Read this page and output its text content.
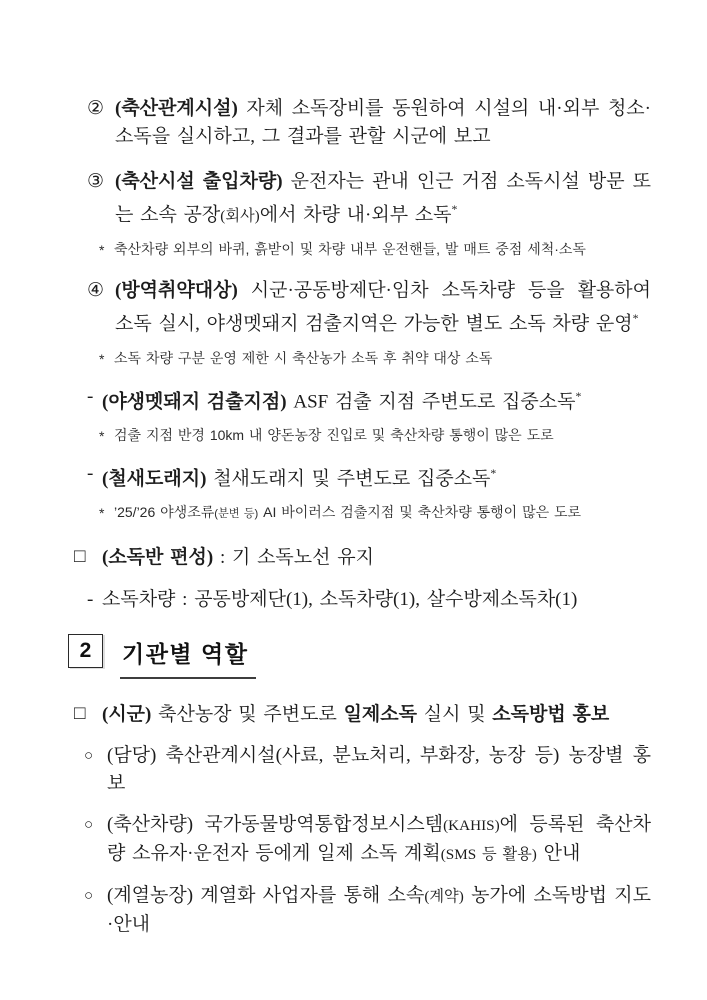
② (축산관계시설) 자체 소독장비를 동원하여 시설의 내·외부 청소·소독을 실시하고, 그 결과를 관할 시군에 보고
③ (축산시설 출입차량) 운전자는 관내 인근 거점 소독시설 방문 또는 소속 공장(회사)에서 차량 내·외부 소독*
* 축산차량 외부의 바퀴, 흙받이 및 차량 내부 운전핸들, 발 매트 중점 세척·소독
④ (방역취약대상) 시군·공동방제단·임차 소독차량 등을 활용하여 소독 실시, 야생멧돼지 검출지역은 가능한 별도 소독 차량 운영*
* 소독 차량 구분 운영 제한 시 축산농가 소독 후 취약 대상 소독
- (야생멧돼지 검출지점) ASF 검출 지점 주변도로 집중소독*
* 검출 지점 반경 10km 내 양돈농장 진입로 및 축산차량 통행이 많은 도로
- (철새도래지) 철새도래지 및 주변도로 집중소독*
* ’25/’26 야생조류(분변 등) AI 바이러스 검출지점 및 축산차량 통행이 많은 도로
□ (소독반 편성) : 기 소독노선 유지
- 소독차량 : 공동방제단(1), 소독차량(1), 살수방제소독차(1)
2	기관별 역할
□ (시군) 축산농장 및 주변도로 일제소독 실시 및 소독방법 홍보
○ (담당) 축산관계시설(사료, 분뇨처리, 부화장, 농장 등) 농장별 홍보
○ (축산차량) 국가동물방역통합정보시스템(KAHIS)에 등록된 축산차량 소유자·운전자 등에게 일제 소독 계획(SMS 등 활용) 안내
○ (계열농장) 계열화 사업자를 통해 소속(계약) 농가에 소독방법 지도·안내
